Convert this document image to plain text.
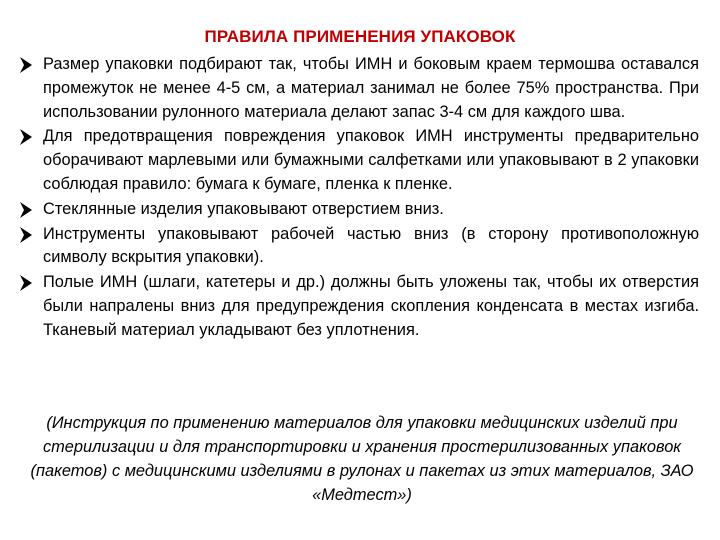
ПРАВИЛА ПРИМЕНЕНИЯ УПАКОВОК
Размер упаковки подбирают так, чтобы ИМН и боковым краем термошва оставался промежуток не менее 4-5 см, а материал занимал не более 75% пространства. При использовании рулонного материала делают запас 3-4 см для каждого шва.
Для предотвращения повреждения упаковок ИМН инструменты предварительно оборачивают марлевыми или бумажными салфетками или упаковывают в 2 упаковки соблюдая правило: бумага к бумаге, пленка к пленке.
Стеклянные изделия упаковывают отверстием вниз.
Инструменты упаковывают рабочей частью вниз (в сторону противоположную символу вскрытия упаковки).
Полые ИМН (шлаги, катетеры и др.) должны быть уложены так, чтобы их отверстия были напралены вниз для предупреждения скопления конденсата в местах изгиба. Тканевый материал укладывают без уплотнения.
(Инструкция по применению материалов для упаковки медицинских изделий при стерилизации и для транспортировки и хранения простерилизованных упаковок (пакетов) с медицинскими изделиями в рулонах и пакетах из этих материалов, ЗАО «Медтест»)
